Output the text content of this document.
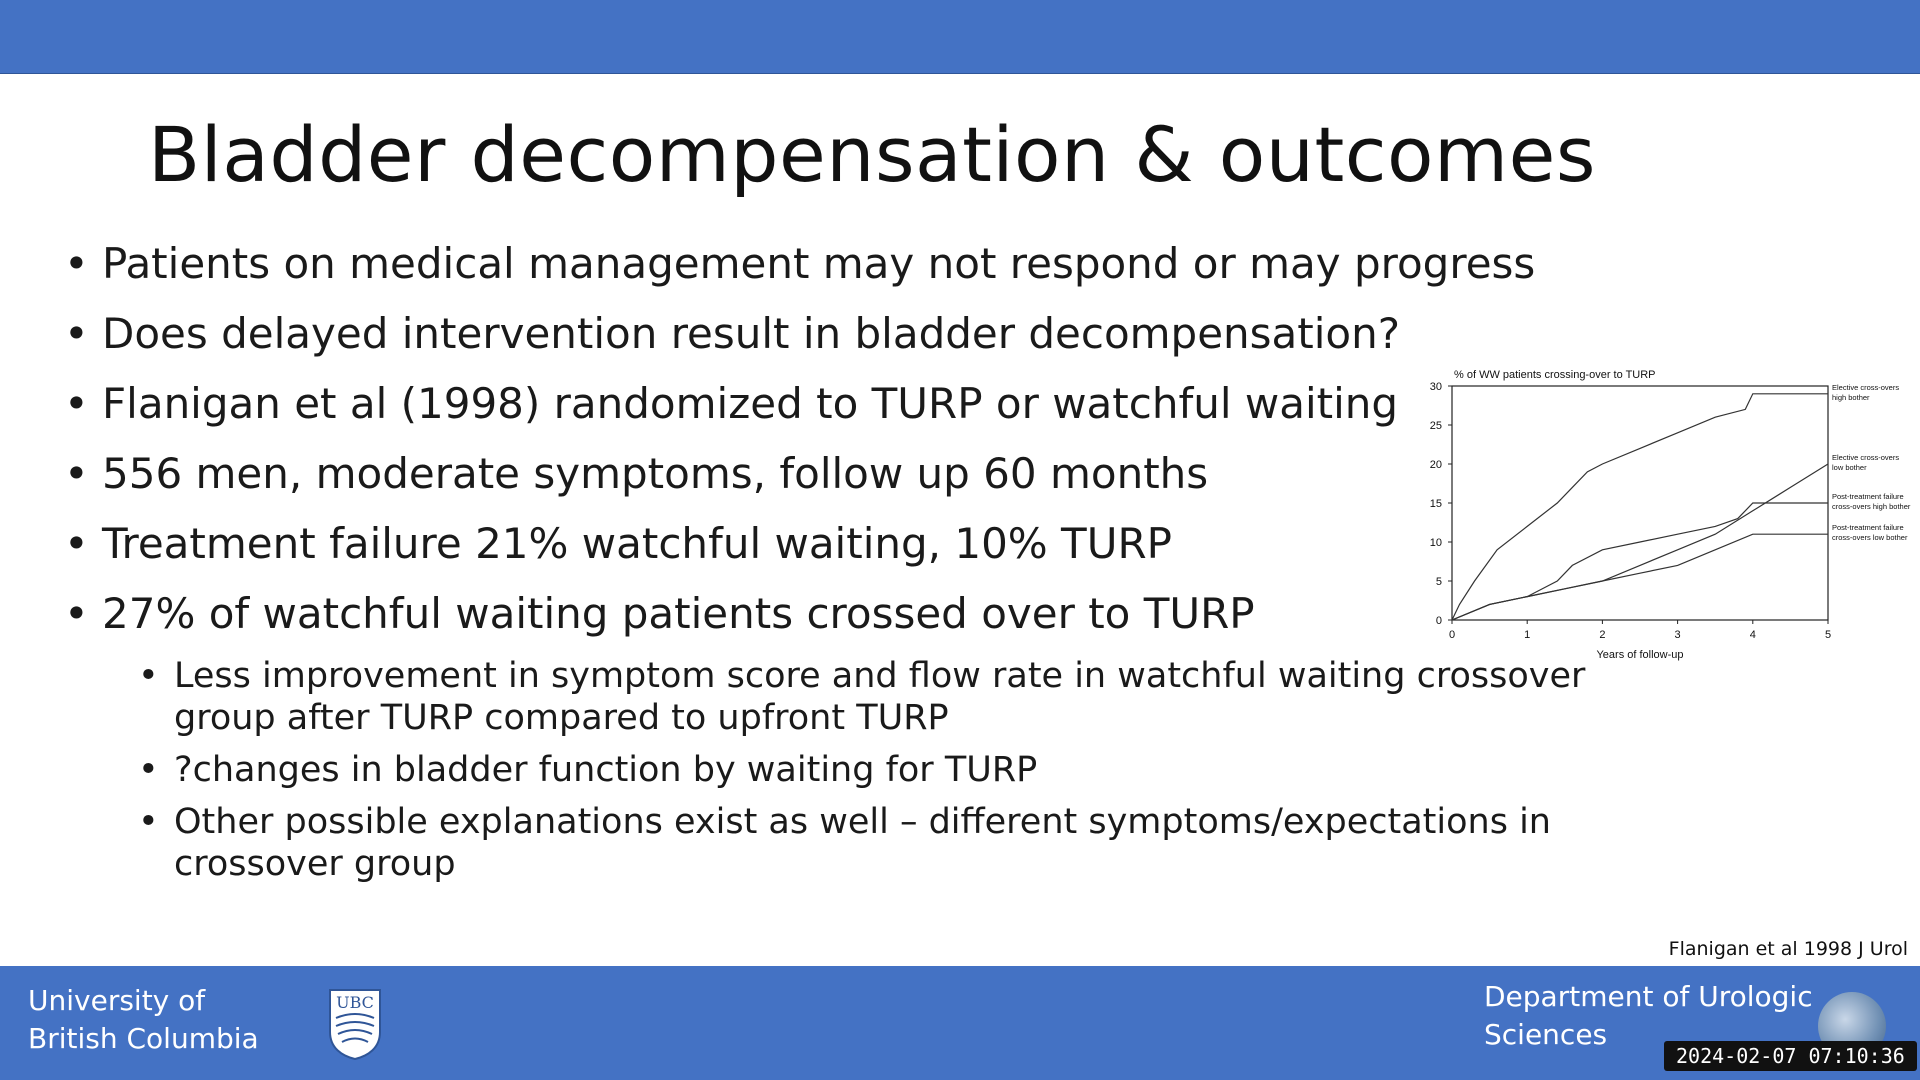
Bladder decompensation & outcomes
• Patients on medical management may not respond or may progress
• Does delayed intervention result in bladder decompensation?
• Flanigan et al (1998) randomized to TURP or watchful waiting
• 556 men, moderate symptoms, follow up 60 months
• Treatment failure 21% watchful waiting, 10% TURP
• 27% of watchful waiting patients crossed over to TURP
• Less improvement in symptom score and flow rate in watchful waiting crossover group after TURP compared to upfront TURP
• ?changes in bladder function by waiting for TURP
• Other possible explanations exist as well – different symptoms/expectations in crossover group
% of WW patients crossing-over to TURP
0
5
10
15
20
25
30
0	1	2	3	4	5
Years of follow-up
Elective cross-overs
high bother
Elective cross-overs
low bother
Post-treatment failure
cross-overs high bother
Post-treatment failure
cross-overs low bother
Flanigan et al 1998 J Urol
University of British Columbia
UBC	Department of Urologic Sciences
2024-02-07 07:10:36
